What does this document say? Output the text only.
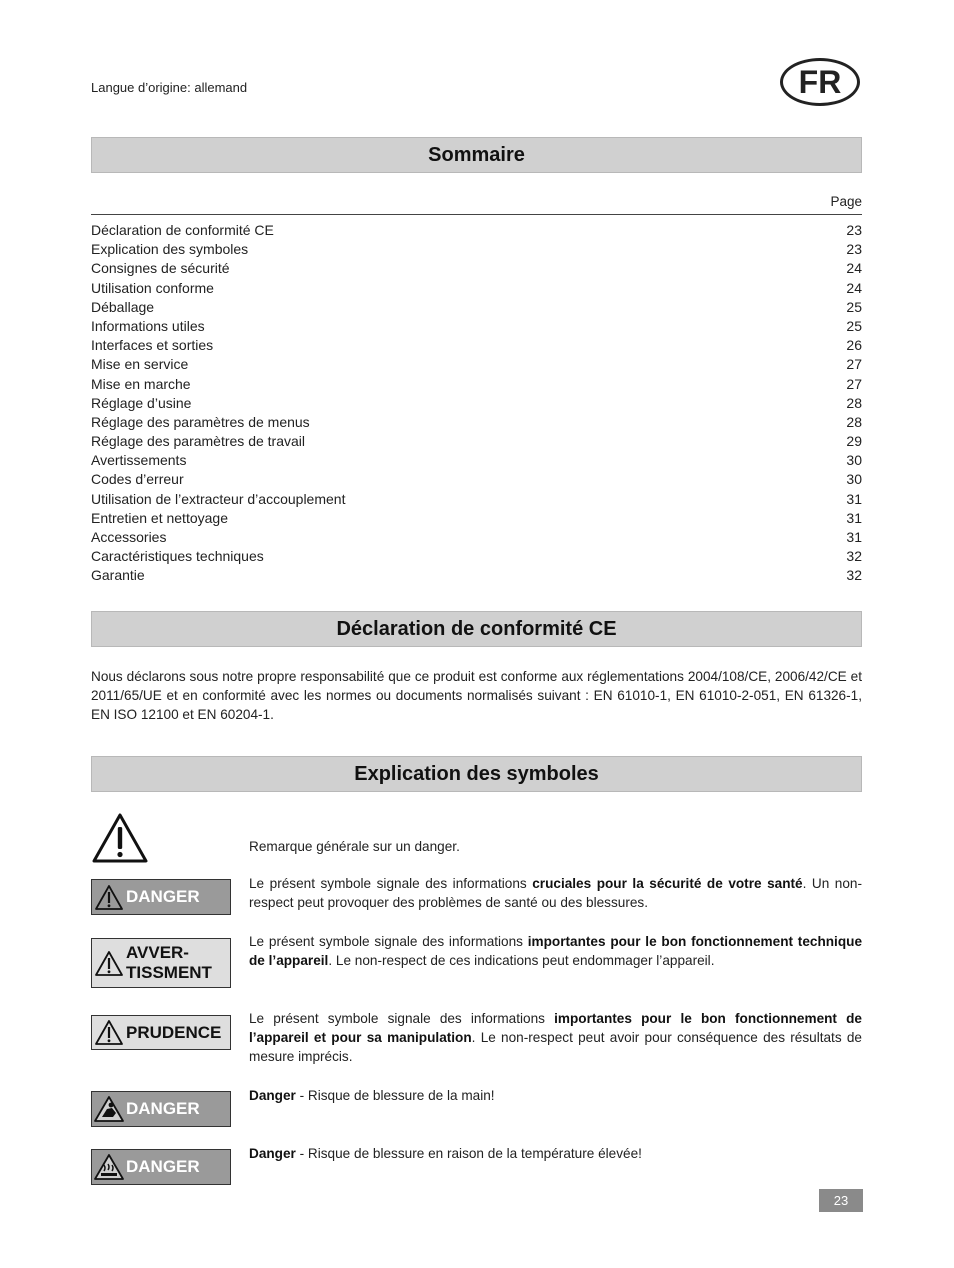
Langue d’origine: allemand	FR
Sommaire
Page
Déclaration de conformité CE	23
Explication des symboles	23
Consignes de sécurité	24
Utilisation conforme	24
Déballage	25
Informations utiles	25
Interfaces et sorties	26
Mise en service	27
Mise en marche	27
Réglage d’usine	28
Réglage des paramètres de menus	28
Réglage des paramètres de travail	29
Avertissements	30
Codes d’erreur	30
Utilisation de l’extracteur d’accouplement	31
Entretien et nettoyage	31
Accessories	31
Caractéristiques techniques	32
Garantie	32
Déclaration de conformité CE
Nous déclarons sous notre propre responsabilité que ce produit est conforme aux réglementations 2004/108/CE, 2006/42/CE et 2011/65/UE et en conformité avec les normes ou documents normalisés suivant : EN 61010-1, EN 61010-2-051, EN 61326-1, EN ISO 12100 et EN 60204-1.
Explication des symboles
Remarque générale sur un danger.
DANGER
Le présent symbole signale des informations cruciales pour la sécurité de votre santé. Un non-respect peut provoquer des problèmes de santé ou des blessures.
AVVER-
TISSMENT
Le présent symbole signale des informations importantes pour le bon fonctionnement technique de l’appareil. Le non-respect de ces indications peut endommager l’appareil.
PRUDENCE
Le présent symbole signale des informations importantes pour le bon fonctionnement de l’appareil et pour sa manipulation. Le non-respect peut avoir pour conséquence des résultats de mesure imprécis.
DANGER
Danger - Risque de blessure de la main!
DANGER
Danger - Risque de blessure en raison de la température élevée!
23
